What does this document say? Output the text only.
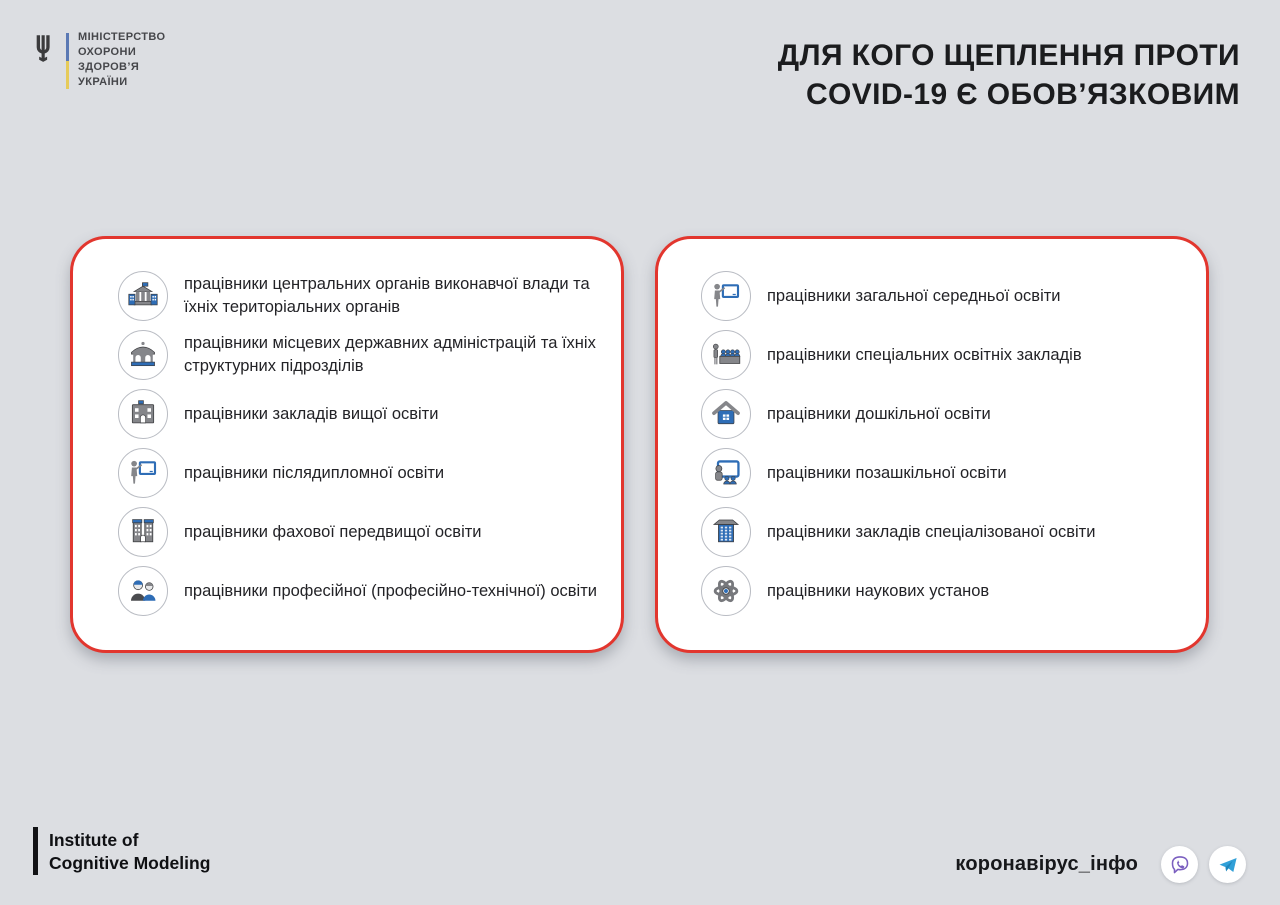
МІНІСТЕРСТВО
ОХОРОНИ
ЗДОРОВ’Я
УКРАЇНИ
ДЛЯ КОГО ЩЕПЛЕННЯ ПРОТИ
COVID-19 Є ОБОВ’ЯЗКОВИМ
працівники центральних органів виконавчої влади та їхніх територіальних органів
працівники місцевих державних адміністрацій та їхніх структурних підрозділів
працівники закладів вищої освіти
працівники післядипломної освіти
працівники фахової передвищої освіти
працівники професійної (професійно-технічної) освіти
працівники загальної середньої освіти
працівники спеціальних освітніх закладів
працівники дошкільної освіти
працівники позашкільної освіти
працівники закладів спеціалізованої освіти
працівники наукових установ
Institute of
Cognitive Modeling	коронавірус_інфо
